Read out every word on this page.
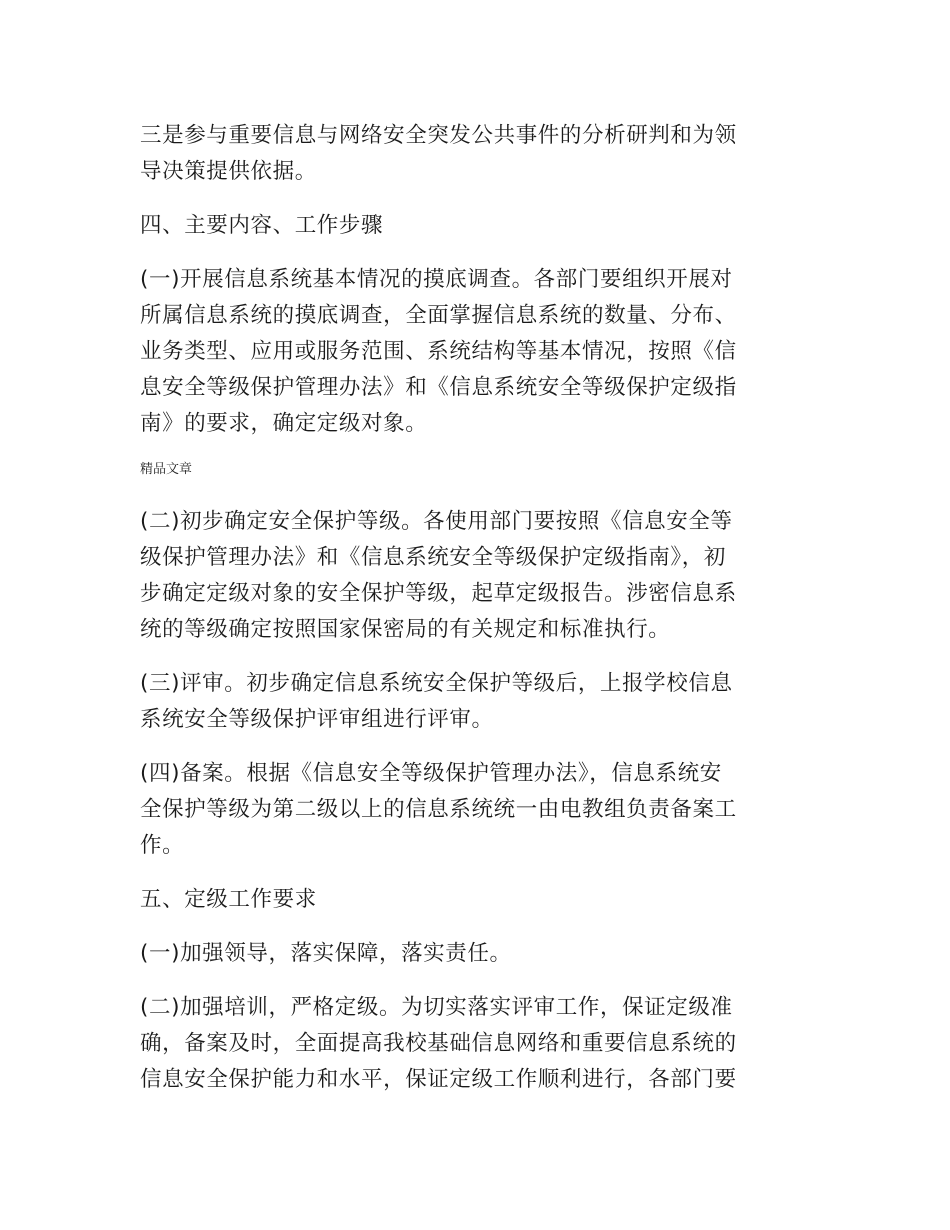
三是参与重要信息与网络安全突发公共事件的分析研判和为领
导决策提供依据。
四、主要内容、工作步骤
(一)开展信息系统基本情况的摸底调查。各部门要组织开展对
所属信息系统的摸底调查，全面掌握信息系统的数量、分布、
业务类型、应用或服务范围、系统结构等基本情况，按照《信
息安全等级保护管理办法》和《信息系统安全等级保护定级指
南》的要求，确定定级对象。
精品文章
(二)初步确定安全保护等级。各使用部门要按照《信息安全等
级保护管理办法》和《信息系统安全等级保护定级指南》，初
步确定定级对象的安全保护等级，起草定级报告。涉密信息系
统的等级确定按照国家保密局的有关规定和标准执行。
(三)评审。初步确定信息系统安全保护等级后，上报学校信息
系统安全等级保护评审组进行评审。
(四)备案。根据《信息安全等级保护管理办法》，信息系统安
全保护等级为第二级以上的信息系统统一由电教组负责备案工
作。
五、定级工作要求
(一)加强领导，落实保障，落实责任。
(二)加强培训，严格定级。为切实落实评审工作，保证定级准
确，备案及时，全面提高我校基础信息网络和重要信息系统的
信息安全保护能力和水平，保证定级工作顺利进行，各部门要
